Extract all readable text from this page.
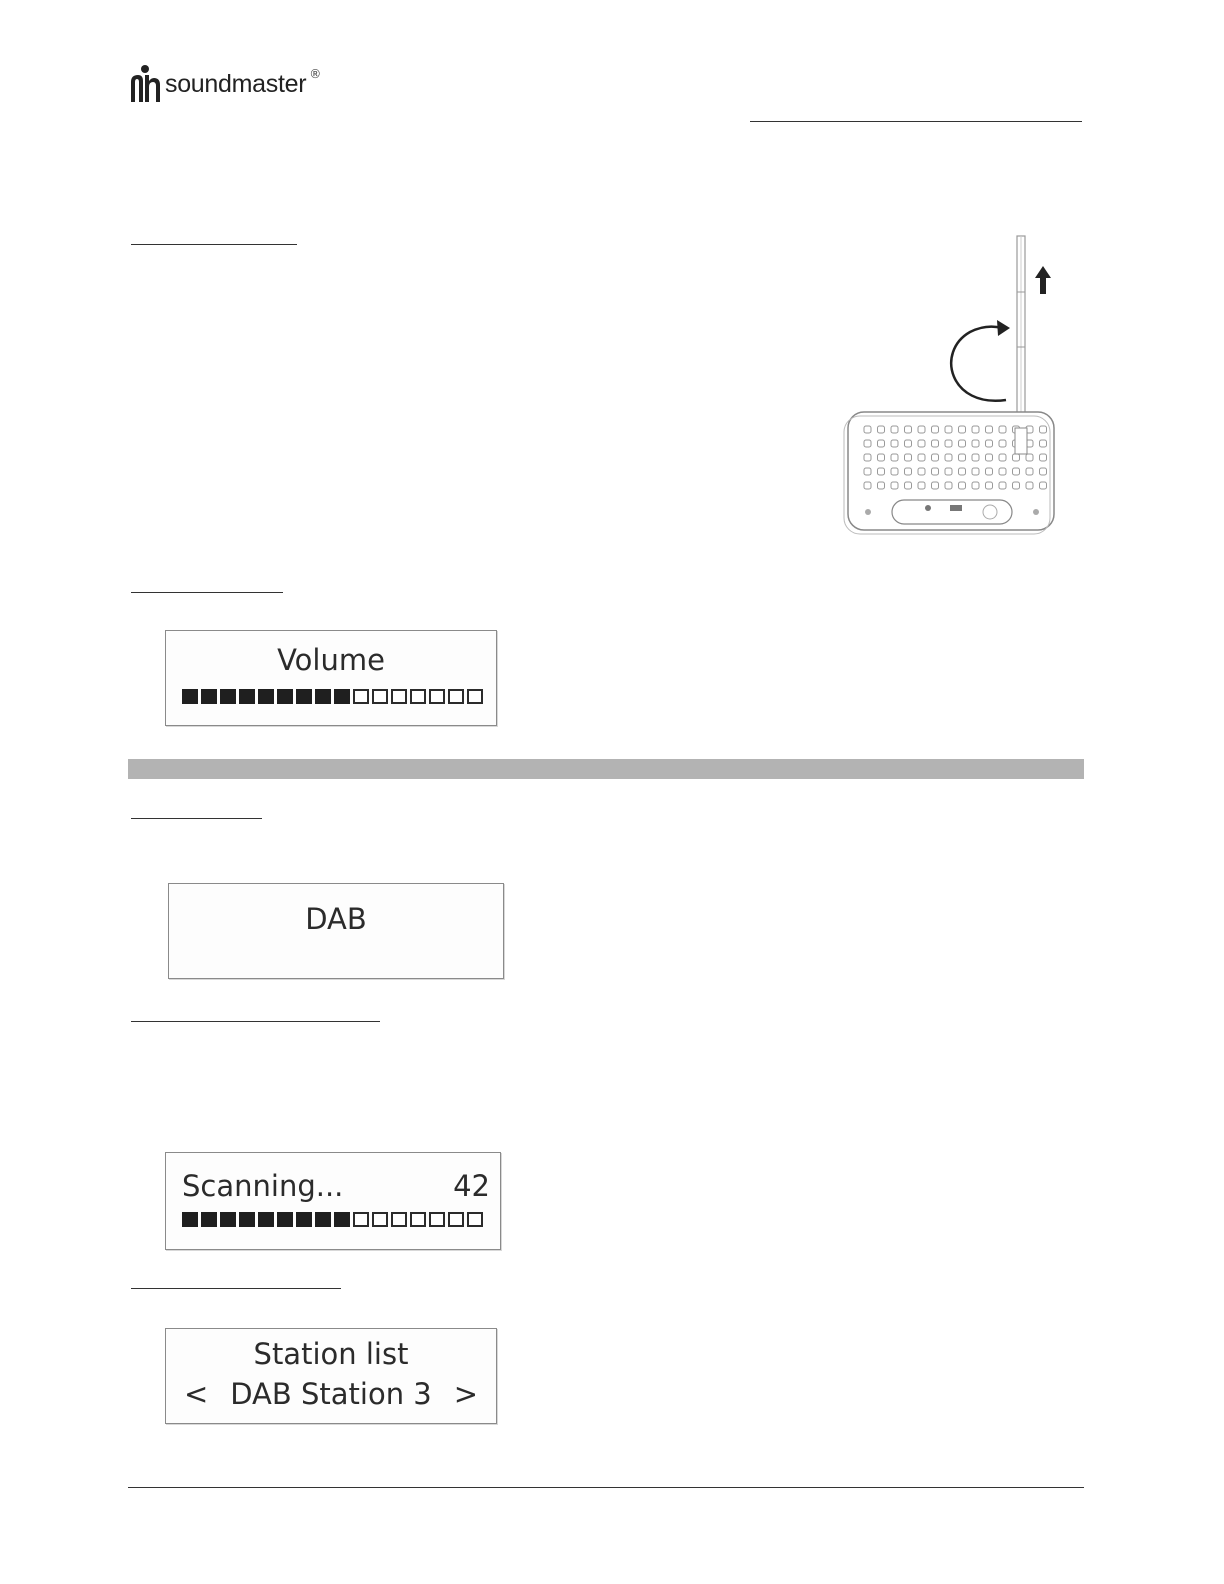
soundmaster ®
Volume
DAB
Scanning...	42
Station list
< DAB Station 3 >
